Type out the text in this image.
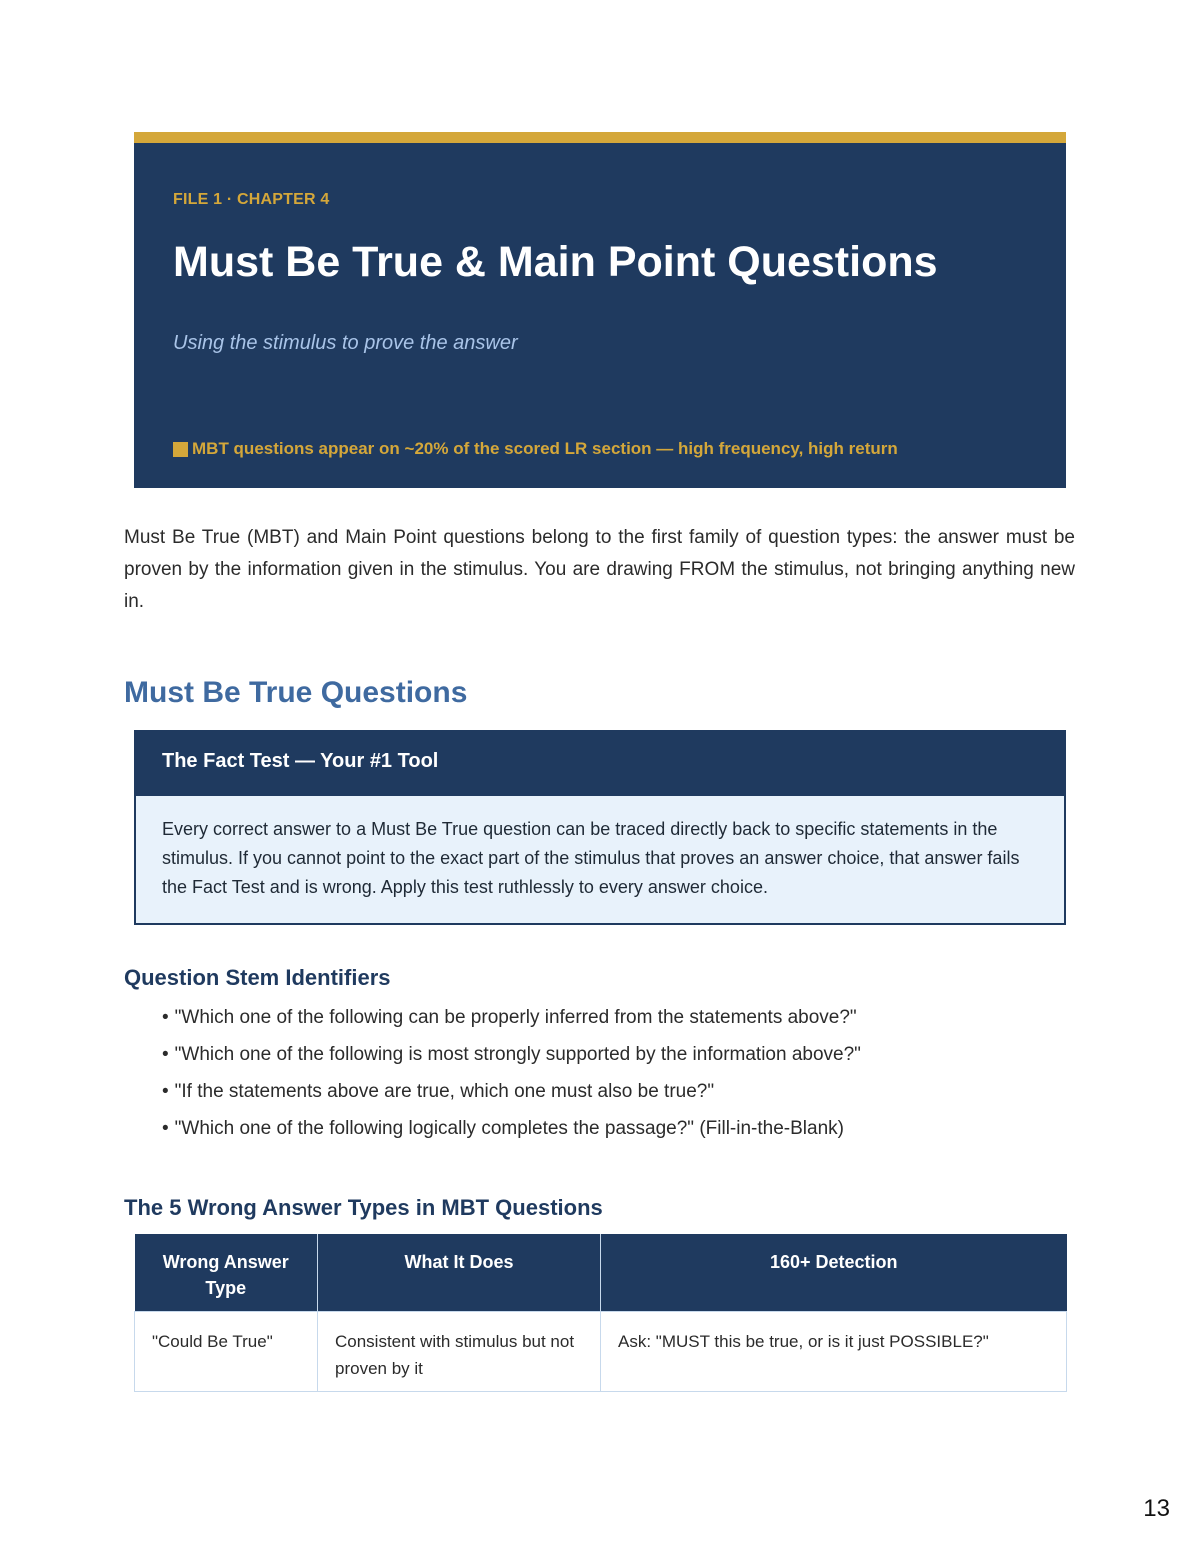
FILE 1 · CHAPTER 4
Must Be True & Main Point Questions
Using the stimulus to prove the answer
MBT questions appear on ~20% of the scored LR section — high frequency, high return

Must Be True (MBT) and Main Point questions belong to the first family of question types: the answer must be proven by the information given in the stimulus. You are drawing FROM the stimulus, not bringing anything new in.

Must Be True Questions
The Fact Test — Your #1 Tool
Every correct answer to a Must Be True question can be traced directly back to specific statements in the stimulus. If you cannot point to the exact part of the stimulus that proves an answer choice, that answer fails the Fact Test and is wrong. Apply this test ruthlessly to every answer choice.
Question Stem Identifiers
• "Which one of the following can be properly inferred from the statements above?"
• "Which one of the following is most strongly supported by the information above?"
• "If the statements above are true, which one must also be true?"
• "Which one of the following logically completes the passage?" (Fill-in-the-Blank)
The 5 Wrong Answer Types in MBT Questions
Wrong Answer Type	What It Does	160+ Detection
"Could Be True"	Consistent with stimulus but not proven by it	Ask: "MUST this be true, or is it just POSSIBLE?"
13
